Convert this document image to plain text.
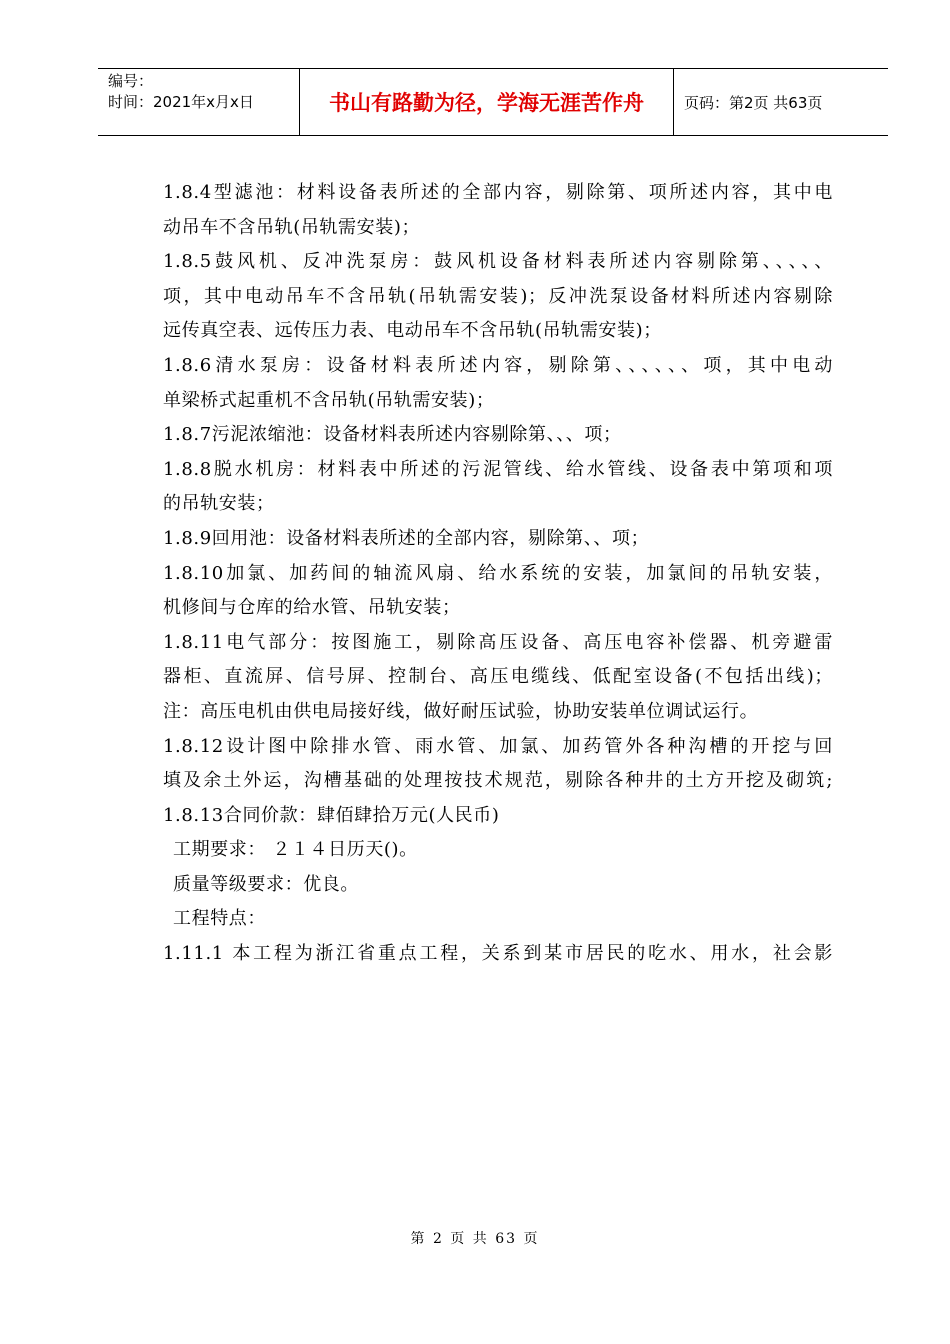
编号：
时间：2021年x月x日	书山有路勤为径，学海无涯苦作舟	页码：第2页 共63页
1.8.4型滤池：材料设备表所述的全部内容，剔除第、项所述内容，其中电
动吊车不含吊轨(吊轨需安装)；
1.8.5鼓风机、反冲洗泵房：鼓风机设备材料表所述内容剔除第、、、、、
项，其中电动吊车不含吊轨(吊轨需安装)；反冲洗泵设备材料所述内容剔除
远传真空表、远传压力表、电动吊车不含吊轨(吊轨需安装)；
1.8.6清水泵房：设备材料表所述内容，剔除第、、、、、、项，其中电动
单梁桥式起重机不含吊轨(吊轨需安装)；
1.8.7污泥浓缩池：设备材料表所述内容剔除第、、、项；
1.8.8脱水机房：材料表中所述的污泥管线、给水管线、设备表中第项和项
的吊轨安装；
1.8.9回用池：设备材料表所述的全部内容，剔除第、、项；
1.8.10加氯、加药间的轴流风扇、给水系统的安装，加氯间的吊轨安装，
机修间与仓库的给水管、吊轨安装；
1.8.11电气部分：按图施工，剔除高压设备、高压电容补偿器、机旁避雷
器柜、直流屏、信号屏、控制台、高压电缆线、低配室设备(不包括出线)；
注：高压电机由供电局接好线，做好耐压试验，协助安装单位调试运行。
1.8.12设计图中除排水管、雨水管、加氯、加药管外各种沟槽的开挖与回
填及余土外运，沟槽基础的处理按技术规范，剔除各种井的土方开挖及砌筑;
1.8.13合同价款：肆佰肆拾万元(人民币)
工期要求： ２１４日历天()。
质量等级要求：优良。
工程特点：
1.11.1 本工程为浙江省重点工程，关系到某市居民的吃水、用水，社会影
第 2 页 共 63 页
